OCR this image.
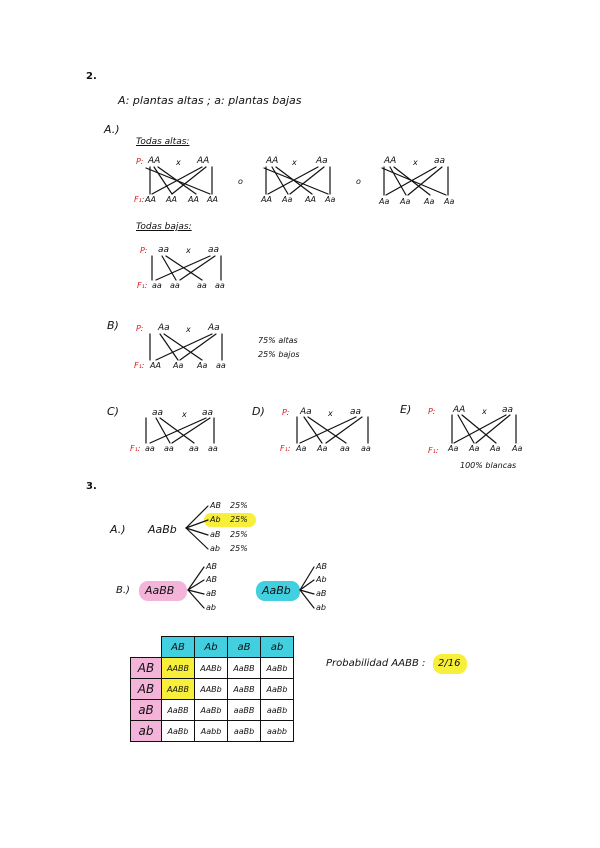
2.
A: plantas altas ; a: plantas bajas
A.)
Todas altas:
P: AA x AA
F₁: AA AA AA AA
o
AA x Aa
AA Aa AA Aa
o
AA x aa
Aa Aa Aa Aa
Todas bajas:
P: aa x aa
F₁: aa aa aa aa
B) P: Aa x Aa
F₁: AA Aa Aa aa
75% altas
25% bajos
C)	aa x aa
F₁: aa aa aa aa
D) P: Aa x aa
F₁: Aa Aa aa aa
E) P: AA x aa
F₁: Aa Aa Aa Aa
100% blancas
3.
A.) AaBb
AB 25%
Ab 25%
aB 25%
ab 25%
B.) AaBB
AB
AB
aB
ab
AaBb
AB
Ab
aB
ab
	AB	Ab	aB	ab
AB	AABB	AABb	AaBB	AaBb
AB	AABB	AABb	AaBB	AaBb
aB	AaBB	AaBb	aaBB	aaBb
ab	AaBb	Aabb	aaBb	aabb
Probabilidad AABB : 2/16
